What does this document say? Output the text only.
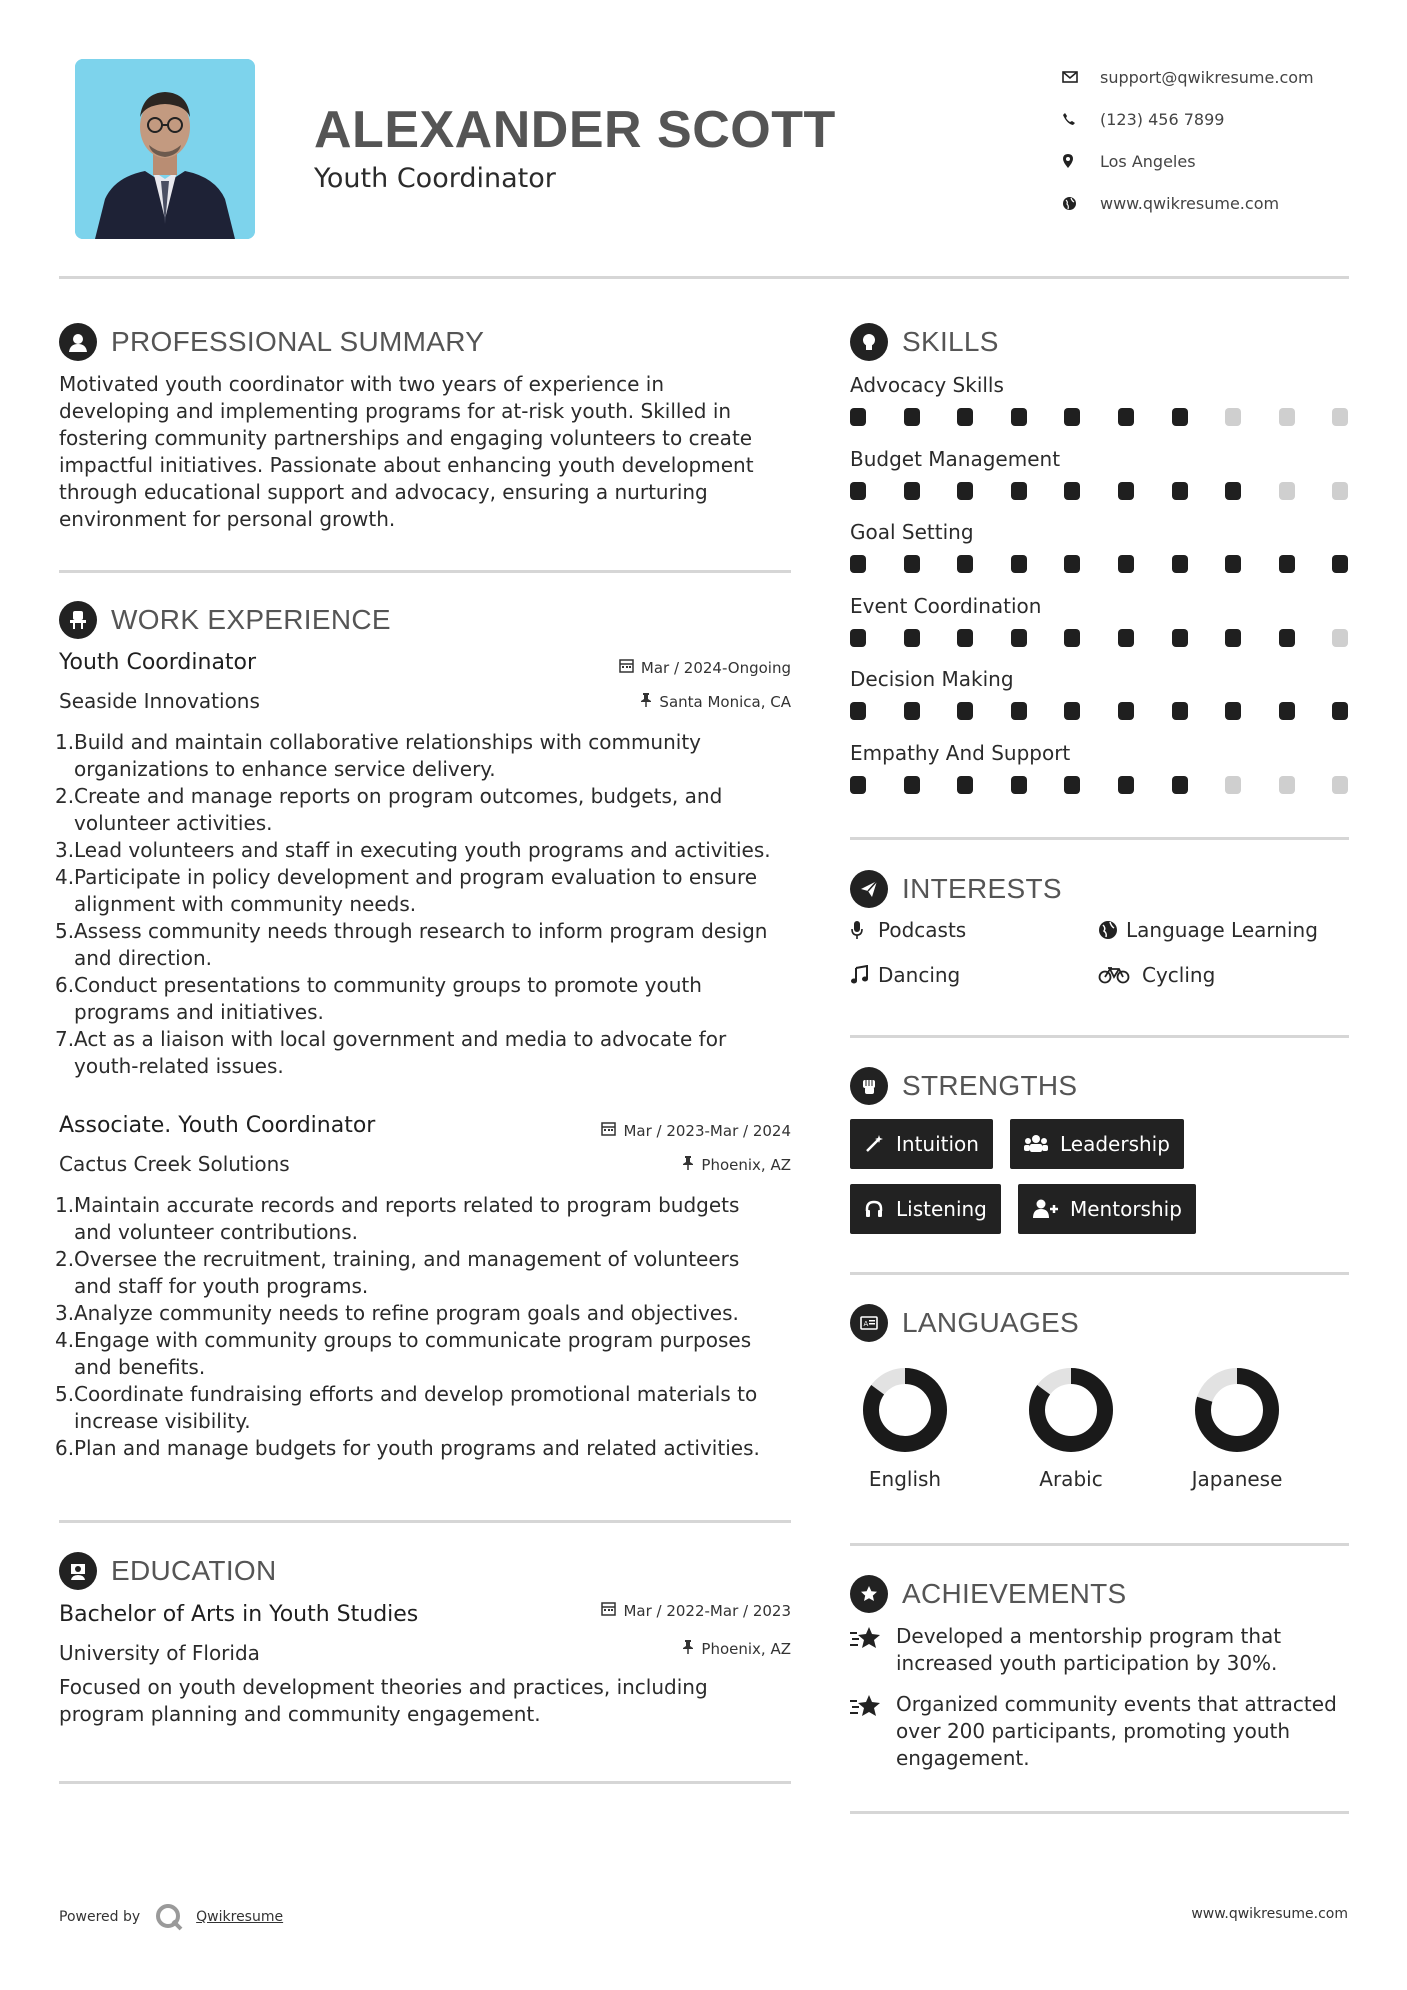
ALEXANDER SCOTT
Youth Coordinator
support@qwikresume.com
(123) 456 7899
Los Angeles
www.qwikresume.com
PROFESSIONAL SUMMARY
Motivated youth coordinator with two years of experience in
developing and implementing programs for at-risk youth. Skilled in
fostering community partnerships and engaging volunteers to create
impactful initiatives. Passionate about enhancing youth development
through educational support and advocacy, ensuring a nurturing
environment for personal growth.
WORK EXPERIENCE
Youth Coordinator	Mar / 2024-Ongoing
Seaside Innovations	Santa Monica, CA
1. Build and maintain collaborative relationships with community
organizations to enhance service delivery.
2. Create and manage reports on program outcomes, budgets, and
volunteer activities.
3. Lead volunteers and staff in executing youth programs and activities.
4. Participate in policy development and program evaluation to ensure
alignment with community needs.
5. Assess community needs through research to inform program design
and direction.
6. Conduct presentations to community groups to promote youth
programs and initiatives.
7. Act as a liaison with local government and media to advocate for
youth-related issues.
Associate. Youth Coordinator	Mar / 2023-Mar / 2024
Cactus Creek Solutions	Phoenix, AZ
1. Maintain accurate records and reports related to program budgets
and volunteer contributions.
2. Oversee the recruitment, training, and management of volunteers
and staff for youth programs.
3. Analyze community needs to refine program goals and objectives.
4. Engage with community groups to communicate program purposes
and benefits.
5. Coordinate fundraising efforts and develop promotional materials to
increase visibility.
6. Plan and manage budgets for youth programs and related activities.
EDUCATION
Bachelor of Arts in Youth Studies	Mar / 2022-Mar / 2023
University of Florida	Phoenix, AZ
Focused on youth development theories and practices, including
program planning and community engagement.
SKILLS
Advocacy Skills
Budget Management
Goal Setting
Event Coordination
Decision Making
Empathy And Support
INTERESTS
Podcasts	Language Learning
Dancing	Cycling
STRENGTHS
Intuition	Leadership
Listening	Mentorship
A LANGUAGES
English	Arabic	Japanese
ACHIEVEMENTS
Developed a mentorship program that
increased youth participation by 30%.
Organized community events that attracted
over 200 participants, promoting youth
engagement.
Powered by	Qwikresume	www.qwikresume.com
